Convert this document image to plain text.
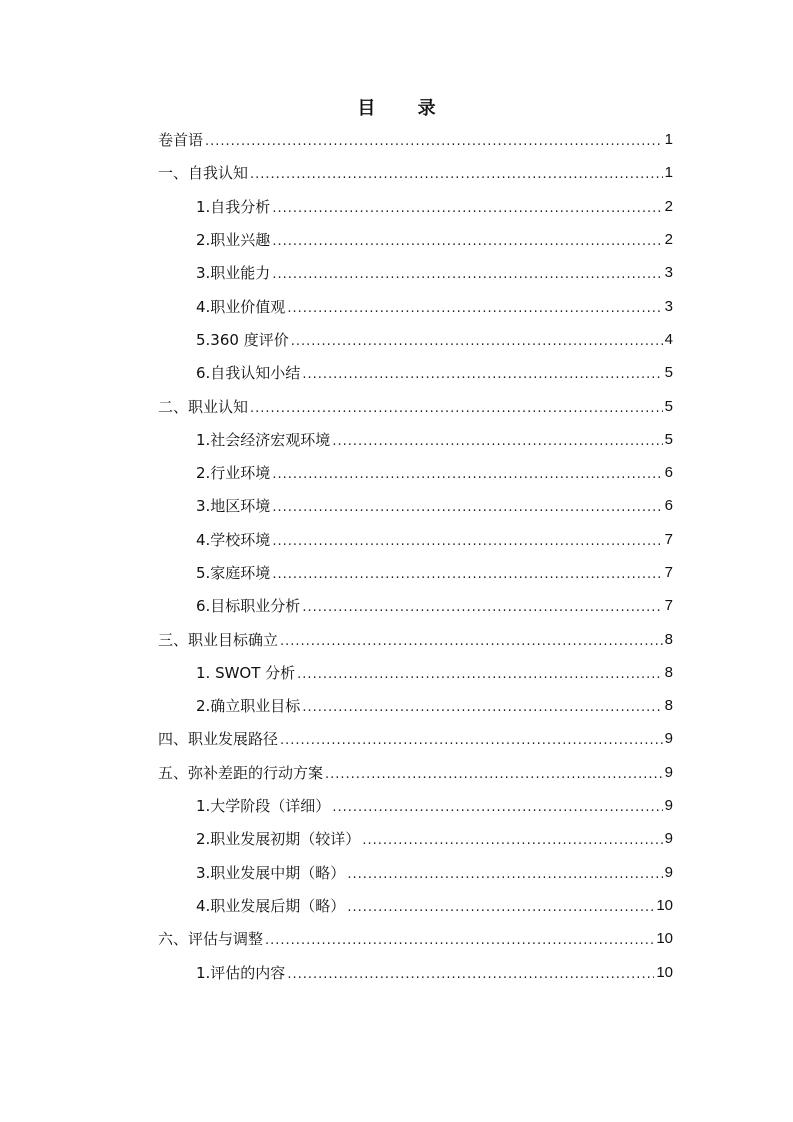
目 录
卷首语 .....	1
一、自我认知 .....	1
1.自我分析 .....	2
2.职业兴趣 .....	2
3.职业能力 .....	3
4.职业价值观 .....	3
5.360 度评价 .....	4
6.自我认知小结 .....	5
二、职业认知 .....	5
1.社会经济宏观环境 .....	5
2.行业环境 .....	6
3.地区环境 .....	6
4.学校环境 .....	7
5.家庭环境 .....	7
6.目标职业分析 .....	7
三、职业目标确立 .....	8
1. SWOT 分析 .....	8
2.确立职业目标 .....	8
四、职业发展路径 .....	9
五、弥补差距的行动方案 .....	9
1.大学阶段（详细） .....	9
2.职业发展初期（较详） .....	9
3.职业发展中期（略） .....	9
4.职业发展后期（略） .....	10
六、评估与调整 .....	10
1.评估的内容 .....	10
